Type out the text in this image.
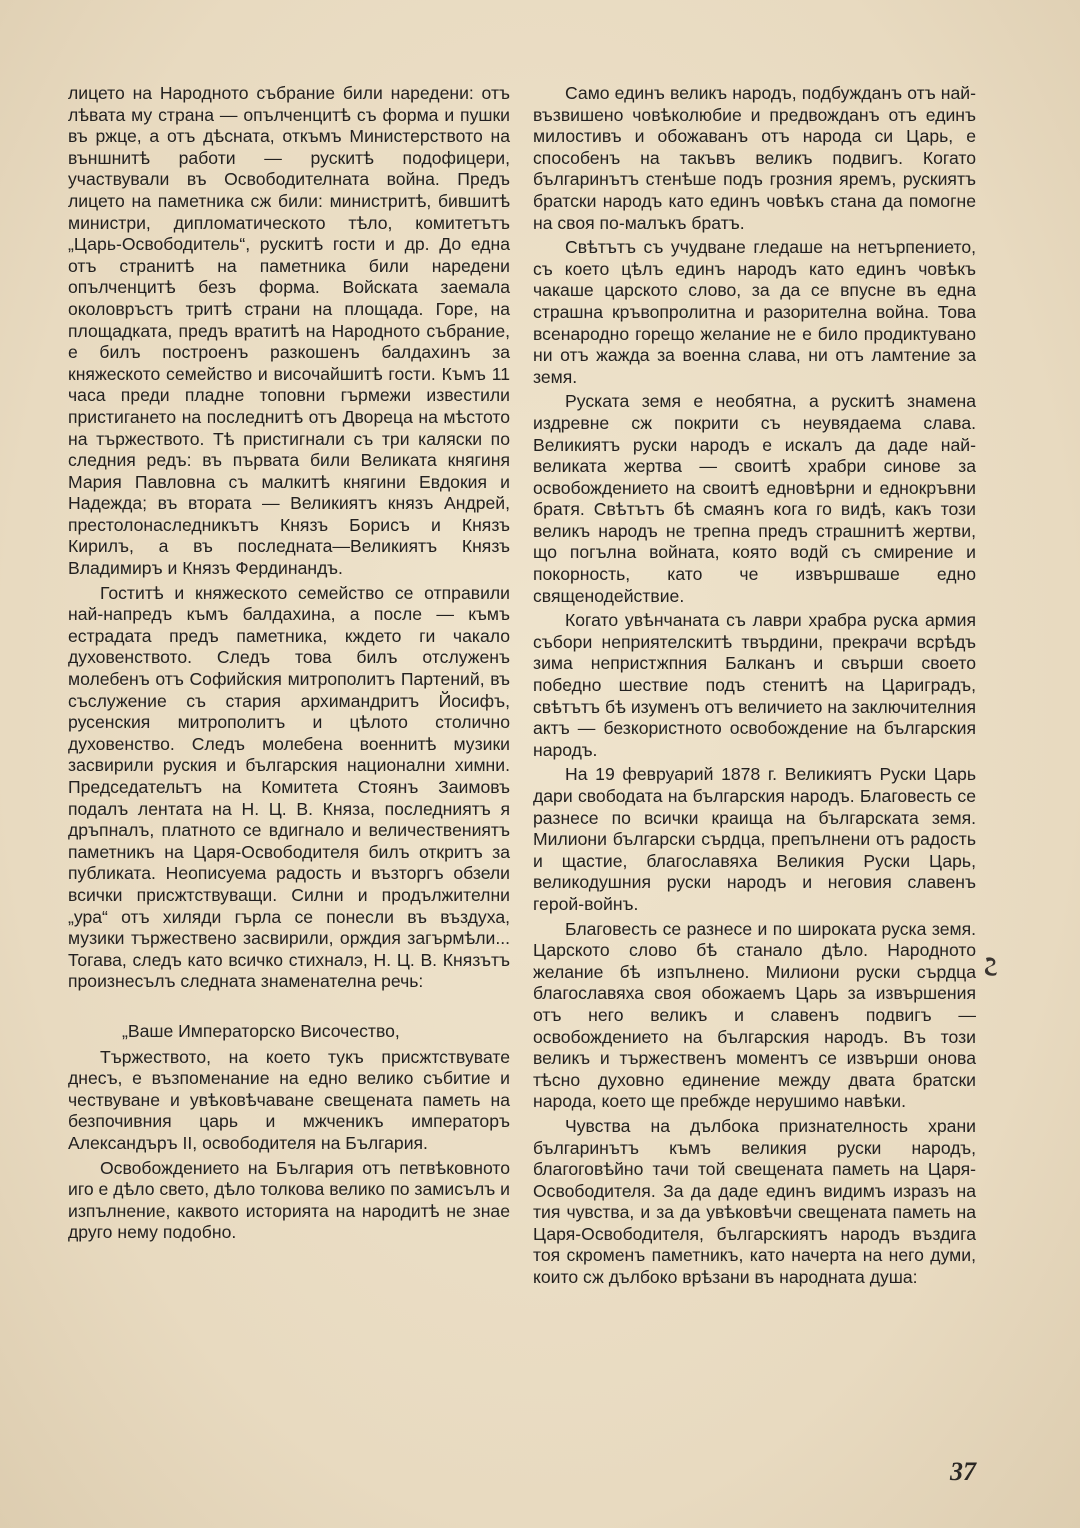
лицето на Народното събрание били наредени: отъ лѣвата му страна — опълченцитѣ съ форма и пушки въ ржце, а отъ дѣсната, откъмъ Министерството на външнитѣ работи — рускитѣ подофицери, участвували въ Освободителната война. Предъ лицето на паметника сж били: министритѣ, бившитѣ министри, дипломатическото тѣло, комитетътъ „Царь-Освободитель“, рускитѣ гости и др. До една отъ странитѣ на паметника били наредени опълченцитѣ безъ форма. Войската заемала околовръстъ тритѣ страни на площада. Горе, на площадката, предъ вратитѣ на Народното събрание, е билъ построенъ разкошенъ балдахинъ за княжеското семейство и височайшитѣ гости. Къмъ 11 часа преди пладне топовни гърмежи известили пристигането на последнитѣ отъ Двореца на мѣстото на тържеството. Тѣ пристигнали съ три каляски по следния редъ: въ първата били Великата княгиня Мария Павловна съ малкитѣ княгини Евдокия и Надежда; въ втората — Великиятъ князъ Андрей, престолонаследникътъ Князъ Борисъ и Князъ Кирилъ, а въ последната—Великиятъ Князъ Владимиръ и Князъ Фердинандъ.

Гоститѣ и княжеското семейство се отправили най-напредъ къмъ балдахина, а после — къмъ естрадата предъ паметника, кждето ги чакало духовенството. Следъ това билъ отслуженъ молебенъ отъ Софийския митрополитъ Партений, въ съслужение съ стария архимандритъ Йосифъ, русенския митрополитъ и цѣлото столично духовенство. Следъ молебена военнитѣ музики засвирили руския и българския национални химни. Председательтъ на Комитета Стоянъ Заимовъ подалъ лентата на Н. Ц. В. Княза, последниятъ я дръпналъ, платното се вдигнало и величествениятъ паметникъ на Царя-Освободителя билъ откритъ за публиката. Неописуема радость и възторгъ обзели всички присжтствуващи. Силни и продължителни „ура“ отъ хиляди гърла се понесли въ въздуха, музики тържествено засвирили, орждия загърмѣли... Тогава, следъ като всичко стихналэ, Н. Ц. В. Князътъ произнесълъ следната знаменателна речь:

„Ваше Императорско Височество,

Тържеството, на което тукъ присжтствувате днесъ, е възпоменание на едно велико събитие и чествуване и увѣковѣчаване свещената паметь на безпочивния царь и мжченикъ императоръ Александъръ II, освободителя на България.

Освобождението на България отъ петвѣковното иго е дѣло свето, дѣло толкова велико по замисълъ и изпълнение, каквото историята на народитѣ не знае друго нему подобно.

Само единъ великъ народъ, подбужданъ отъ най-възвишено човѣколюбие и предвожданъ отъ единъ милостивъ и обожаванъ отъ народа си Царь, е способенъ на такъвъ великъ подвигъ. Когато българинътъ стенѣше подъ грозния яремъ, рускиятъ братски народъ като единъ човѣкъ стана да помогне на своя по-малъкъ братъ.

Свѣтътъ съ учудване гледаше на нетърпението, съ което цѣлъ единъ народъ като единъ човѣкъ чакаше царското слово, за да се впусне въ една страшна кръвопролитна и разорителна война. Това всенародно горещо желание не е било продиктувано ни отъ жажда за военна слава, ни отъ ламтение за земя.

Руската земя е необятна, а рускитѣ знамена издревне сж покрити съ неувядаема слава. Великиятъ руски народъ е искалъ да даде най-великата жертва — своитѣ храбри синове за освобождението на своитѣ едновѣрни и еднокръвни братя. Свѣтътъ бѣ смаянъ кога го видѣ, какъ този великъ народъ не трепна предъ страшнитѣ жертви, що погълна войната, която водй съ смирение и покорность, като че извършваше едно священодействие.

Когато увѣнчаната съ лаври храбра руска армия събори неприятелскитѣ твърдини, прекрачи всрѣдъ зима непристжпния Балканъ и свърши своето победно шествие подъ стенитѣ на Цариградъ, свѣтътъ бѣ изуменъ отъ величието на заключителния актъ — безкористното освобождение на българския народъ.

На 19 февруарий 1878 г. Великиятъ Руски Царь дари свободата на българския народъ. Благовесть се разнесе по всички краища на българската земя. Милиони български сърдца, препълнени отъ радость и щастие, благославяха Великия Руски Царь, великодушния руски народъ и неговия славенъ герой-войнъ.

Благовесть се разнесе и по широката руска земя. Царското слово бѣ станало дѣло. Народното желание бѣ изпълнено. Милиони руски сърдца благославяха своя обожаемъ Царь за извършения отъ него великъ и славенъ подвигъ — освобождението на българския народъ. Въ този великъ и тържественъ моментъ се извърши онова тѣсно духовно единение между двата братски народа, което ще пребжде нерушимо навѣки.

Чувства на дълбока признателность храни българинътъ къмъ великия руски народъ, благоговѣйно тачи той свещената паметь на Царя-Освободителя. За да даде единъ видимъ изразъ на тия чувства, и за да увѣковѣчи свещената паметь на Царя-Освободителя, българскиятъ народъ въздига тоя скроменъ паметникъ, като начерта на него думи, които сж дълбоко врѣзани въ народната душа:

37
